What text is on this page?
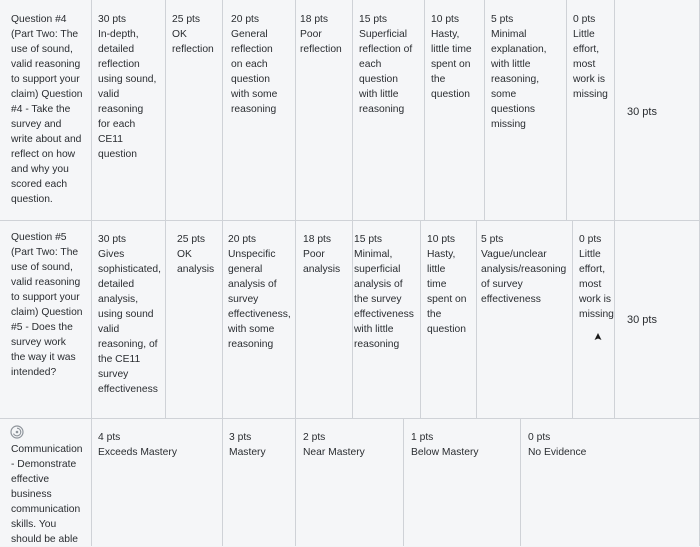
Question #4
(Part Two: The
use of sound,
valid reasoning
to support your
claim) Question
#4 - Take the
survey and
write about and
reflect on how
and why you
scored each
question.
30 pts
In-depth,
detailed
reflection
using sound,
valid
reasoning
for each
CE11
question
25 pts
OK
reflection
20 pts
General
reflection
on each
question
with some
reasoning
18 pts
Poor
reflection
15 pts
Superficial
reflection of
each
question
with little
reasoning
10 pts
Hasty,
little time
spent on
the
question
5 pts
Minimal
explanation,
with little
reasoning,
some
questions
missing
0 pts
Little
effort,
most
work is
missing
30 pts
Question #5
(Part Two: The
use of sound,
valid reasoning
to support your
claim) Question
#5 - Does the
survey work
the way it was
intended?
30 pts
Gives
sophisticated,
detailed
analysis,
using sound
valid
reasoning, of
the CE11
survey
effectiveness
25 pts
OK
analysis
20 pts
Unspecific
general
analysis of
survey
effectiveness,
with some
reasoning
18 pts
Poor
analysis
15 pts
Minimal,
superficial
analysis of
the survey
effectiveness
with little
reasoning
10 pts
Hasty,
little
time
spent on
the
question
5 pts
Vague/unclear
analysis/reasoning
of survey
effectiveness
0 pts
Little
effort,
most
work is
missing 30 pts
Communication
- Demonstrate
effective
business
communication
skills. You
should be able
4 pts
Exceeds Mastery
3 pts
Mastery
2 pts
Near Mastery
1 pts
Below Mastery
0 pts
No Evidence
